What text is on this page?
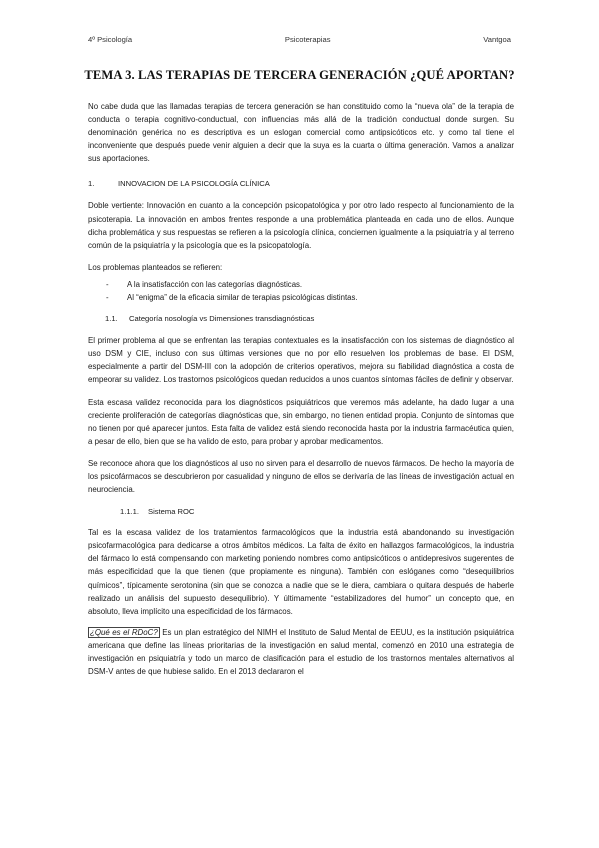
4º Psicología	Psicoterapias	Vantgoa
TEMA 3. LAS TERAPIAS DE TERCERA GENERACIÓN ¿QUÉ APORTAN?

No cabe duda que las llamadas terapias de tercera generación se han constituido como la “nueva ola” de la terapia de conducta o terapia cognitivo-conductual, con influencias más allá de la tradición conductual donde surgen. Su denominación genérica no es descriptiva es un eslogan comercial como antipsicóticos etc. y como tal tiene el inconveniente que después puede venir alguien a decir que la suya es la cuarta o última generación. Vamos a analizar sus aportaciones.

1.	INNOVACION DE LA PSICOLOGÍA CLÍNICA

Doble vertiente: Innovación en cuanto a la concepción psicopatológica y por otro lado respecto al funcionamiento de la psicoterapia. La innovación en ambos frentes responde a una problemática planteada en cada uno de ellos. Aunque dicha problemática y sus respuestas se refieren a la psicología clínica, conciernen igualmente a la psiquiatría y al terreno común de la psiquiatría y la psicología que es la psicopatología.

Los problemas planteados se refieren:

- A la insatisfacción con las categorías diagnósticas.
- Al “enigma” de la eficacia similar de terapias psicológicas distintas.
1.1. Categoría nosología vs Dimensiones transdiagnósticas

El primer problema al que se enfrentan las terapias contextuales es la insatisfacción con los sistemas de diagnóstico al uso DSM y CIE, incluso con sus últimas versiones que no por ello resuelven los problemas de base. El DSM, especialmente a partir del DSM-III con la adopción de criterios operativos, mejora su fiabilidad diagnóstica a costa de empeorar su validez. Los trastornos psicológicos quedan reducidos a unos cuantos síntomas fáciles de definir y observar.

Esta escasa validez reconocida para los diagnósticos psiquiátricos que veremos más adelante, ha dado lugar a una creciente proliferación de categorías diagnósticas que, sin embargo, no tienen entidad propia. Conjunto de síntomas que no tienen por qué aparecer juntos. Esta falta de validez está siendo reconocida hasta por la industria farmacéutica quien, a pesar de ello, bien que se ha valido de esto, para probar y aprobar medicamentos.

Se reconoce ahora que los diagnósticos al uso no sirven para el desarrollo de nuevos fármacos. De hecho la mayoría de los psicofármacos se descubrieron por casualidad y ninguno de ellos se derivaría de las líneas de investigación actual en neurociencia.

1.1.1. Sistema ROC

Tal es la escasa validez de los tratamientos farmacológicos que la industria está abandonando su investigación psicofarmacológica para dedicarse a otros ámbitos médicos. La falta de éxito en hallazgos farmacológicos, la industria del fármaco lo está compensando con marketing poniendo nombres como antipsicóticos o antidepresivos sugerentes de más especificidad que la que tienen (que propiamente es ninguna). También con eslóganes como “desequilibrios químicos”, típicamente serotonina (sin que se conozca a nadie que se le diera, cambiara o quitara después de haberle realizado un análisis del supuesto desequilibrio). Y últimamente “estabilizadores del humor” un concepto que, en absoluto, lleva implícito una especificidad de los fármacos.

¿Qué es el RDoC? Es un plan estratégico del NIMH el Instituto de Salud Mental de EEUU, es la institución psiquiátrica americana que define las líneas prioritarias de la investigación en salud mental, comenzó en 2010 una estrategia de investigación en psiquiatría y todo un marco de clasificación para el estudio de los trastornos mentales alternativos al DSM-V antes de que hubiese salido. En el 2013 declararon el
